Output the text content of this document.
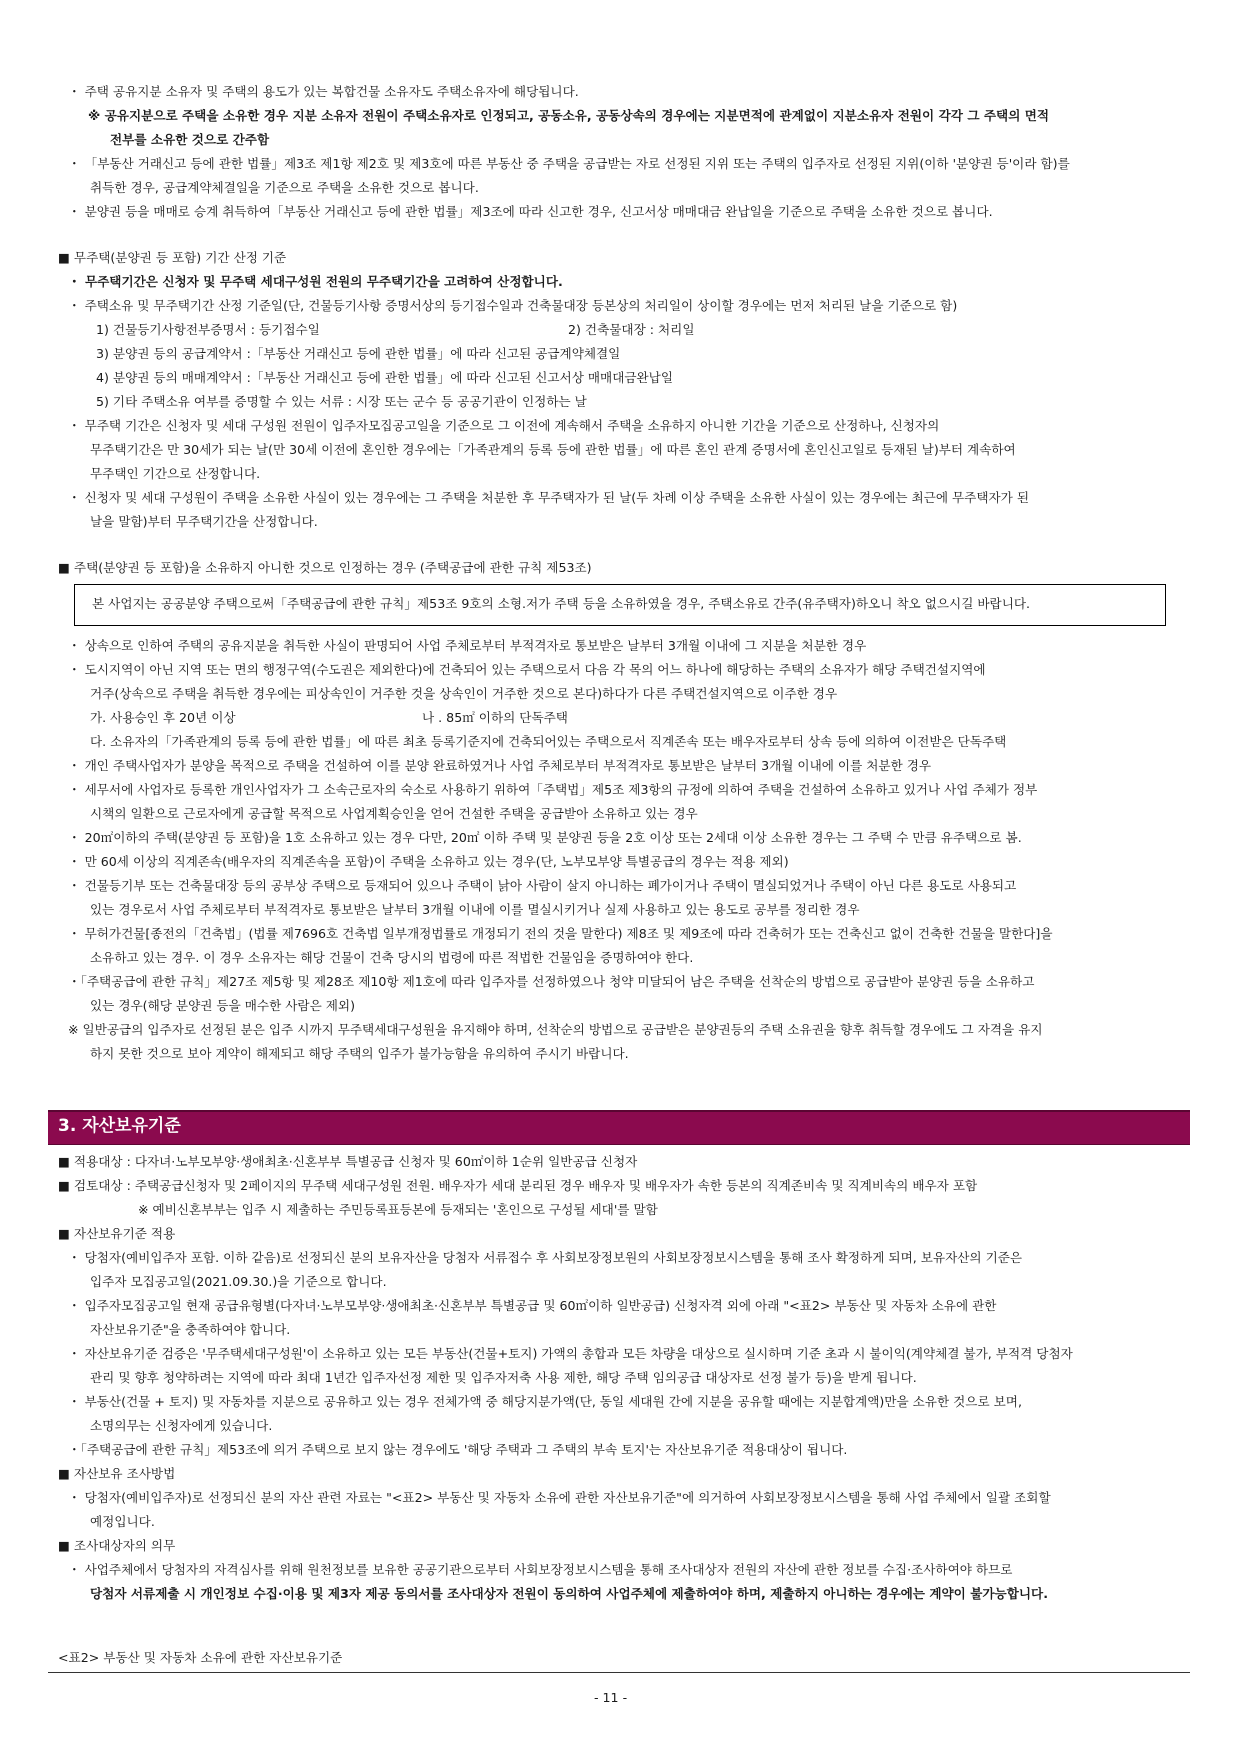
・ 주택 공유지분 소유자 및 주택의 용도가 있는 복합건물 소유자도 주택소유자에 해당됩니다.
※ 공유지분으로 주택을 소유한 경우 지분 소유자 전원이 주택소유자로 인정되고, 공동소유, 공동상속의 경우에는 지분면적에 관계없이 지분소유자 전원이 각각 그 주택의 면적
전부를 소유한 것으로 간주함
・ 「부동산 거래신고 등에 관한 법률」제3조 제1항 제2호 및 제3호에 따른 부동산 중 주택을 공급받는 자로 선정된 지위 또는 주택의 입주자로 선정된 지위(이하 '분양권 등'이라 함)를
취득한 경우, 공급계약체결일을 기준으로 주택을 소유한 것으로 봅니다.
・ 분양권 등을 매매로 승계 취득하여「부동산 거래신고 등에 관한 법률」제3조에 따라 신고한 경우, 신고서상 매매대금 완납일을 기준으로 주택을 소유한 것으로 봅니다.
■ 무주택(분양권 등 포함) 기간 산정 기준
・ 무주택기간은 신청자 및 무주택 세대구성원 전원의 무주택기간을 고려하여 산정합니다.
・ 주택소유 및 무주택기간 산정 기준일(단, 건물등기사항 증명서상의 등기접수일과 건축물대장 등본상의 처리일이 상이할 경우에는 먼저 처리된 날을 기준으로 함)
1) 건물등기사항전부증명서 : 등기접수일	2) 건축물대장 : 처리일
3) 분양권 등의 공급계약서 :「부동산 거래신고 등에 관한 법률」에 따라 신고된 공급계약체결일
4) 분양권 등의 매매계약서 :「부동산 거래신고 등에 관한 법률」에 따라 신고된 신고서상 매매대금완납일
5) 기타 주택소유 여부를 증명할 수 있는 서류 : 시장 또는 군수 등 공공기관이 인정하는 날
・ 무주택 기간은 신청자 및 세대 구성원 전원이 입주자모집공고일을 기준으로 그 이전에 계속해서 주택을 소유하지 아니한 기간을 기준으로 산정하나, 신청자의
무주택기간은 만 30세가 되는 날(만 30세 이전에 혼인한 경우에는「가족관계의 등록 등에 관한 법률」에 따른 혼인 관계 증명서에 혼인신고일로 등재된 날)부터 계속하여
무주택인 기간으로 산정합니다.
・ 신청자 및 세대 구성원이 주택을 소유한 사실이 있는 경우에는 그 주택을 처분한 후 무주택자가 된 날(두 차례 이상 주택을 소유한 사실이 있는 경우에는 최근에 무주택자가 된
날을 말함)부터 무주택기간을 산정합니다.
■ 주택(분양권 등 포함)을 소유하지 아니한 것으로 인정하는 경우 (주택공급에 관한 규칙 제53조)
본 사업지는 공공분양 주택으로써「주택공급에 관한 규칙」제53조 9호의 소형.저가 주택 등을 소유하였을 경우, 주택소유로 간주(유주택자)하오니 착오 없으시길 바랍니다.
・ 상속으로 인하여 주택의 공유지분을 취득한 사실이 판명되어 사업 주체로부터 부적격자로 통보받은 날부터 3개월 이내에 그 지분을 처분한 경우
・ 도시지역이 아닌 지역 또는 면의 행정구역(수도권은 제외한다)에 건축되어 있는 주택으로서 다음 각 목의 어느 하나에 해당하는 주택의 소유자가 해당 주택건설지역에
거주(상속으로 주택을 취득한 경우에는 피상속인이 거주한 것을 상속인이 거주한 것으로 본다)하다가 다른 주택건설지역으로 이주한 경우
가. 사용승인 후 20년 이상	나 . 85㎡ 이하의 단독주택
다. 소유자의「가족관계의 등록 등에 관한 법률」에 따른 최초 등록기준지에 건축되어있는 주택으로서 직계존속 또는 배우자로부터 상속 등에 의하여 이전받은 단독주택
・ 개인 주택사업자가 분양을 목적으로 주택을 건설하여 이를 분양 완료하였거나 사업 주체로부터 부적격자로 통보받은 날부터 3개월 이내에 이를 처분한 경우
・ 세무서에 사업자로 등록한 개인사업자가 그 소속근로자의 숙소로 사용하기 위하여「주택법」제5조 제3항의 규정에 의하여 주택을 건설하여 소유하고 있거나 사업 주체가 정부
시책의 일환으로 근로자에게 공급할 목적으로 사업계획승인을 얻어 건설한 주택을 공급받아 소유하고 있는 경우
・ 20㎡이하의 주택(분양권 등 포함)을 1호 소유하고 있는 경우 다만, 20㎡ 이하 주택 및 분양권 등을 2호 이상 또는 2세대 이상 소유한 경우는 그 주택 수 만큼 유주택으로 봄.
・ 만 60세 이상의 직계존속(배우자의 직계존속을 포함)이 주택을 소유하고 있는 경우(단, 노부모부양 특별공급의 경우는 적용 제외)
・ 건물등기부 또는 건축물대장 등의 공부상 주택으로 등재되어 있으나 주택이 낡아 사람이 살지 아니하는 폐가이거나 주택이 멸실되었거나 주택이 아닌 다른 용도로 사용되고
있는 경우로서 사업 주체로부터 부적격자로 통보받은 날부터 3개월 이내에 이를 멸실시키거나 실제 사용하고 있는 용도로 공부를 정리한 경우
・ 무허가건물[종전의「건축법」(법률 제7696호 건축법 일부개정법률로 개정되기 전의 것을 말한다) 제8조 및 제9조에 따라 건축허가 또는 건축신고 없이 건축한 건물을 말한다]을
소유하고 있는 경우. 이 경우 소유자는 해당 건물이 건축 당시의 법령에 따른 적법한 건물임을 증명하여야 한다.
・「주택공급에 관한 규칙」제27조 제5항 및 제28조 제10항 제1호에 따라 입주자를 선정하였으나 청약 미달되어 남은 주택을 선착순의 방법으로 공급받아 분양권 등을 소유하고
있는 경우(해당 분양권 등을 매수한 사람은 제외)
※ 일반공급의 입주자로 선정된 분은 입주 시까지 무주택세대구성원을 유지해야 하며, 선착순의 방법으로 공급받은 분양권등의 주택 소유권을 향후 취득할 경우에도 그 자격을 유지
하지 못한 것으로 보아 계약이 해제되고 해당 주택의 입주가 불가능함을 유의하여 주시기 바랍니다.
3. 자산보유기준
■ 적용대상 : 다자녀·노부모부양·생애최초·신혼부부 특별공급 신청자 및 60㎡이하 1순위 일반공급 신청자
■ 검토대상 : 주택공급신청자 및 2페이지의 무주택 세대구성원 전원. 배우자가 세대 분리된 경우 배우자 및 배우자가 속한 등본의 직계존비속 및 직계비속의 배우자 포함
※ 예비신혼부부는 입주 시 제출하는 주민등록표등본에 등재되는 '혼인으로 구성될 세대'를 말함
■ 자산보유기준 적용
・ 당첨자(예비입주자 포함. 이하 같음)로 선정되신 분의 보유자산을 당첨자 서류접수 후 사회보장정보원의 사회보장정보시스템을 통해 조사 확정하게 되며, 보유자산의 기준은
입주자 모집공고일(2021.09.30.)을 기준으로 합니다.
・ 입주자모집공고일 현재 공급유형별(다자녀·노부모부양·생애최초·신혼부부 특별공급 및 60㎡이하 일반공급) 신청자격 외에 아래 "<표2> 부동산 및 자동차 소유에 관한
자산보유기준"을 충족하여야 합니다.
・ 자산보유기준 검증은 '무주택세대구성원'이 소유하고 있는 모든 부동산(건물+토지) 가액의 총합과 모든 차량을 대상으로 실시하며 기준 초과 시 불이익(계약체결 불가, 부적격 당첨자
관리 및 향후 청약하려는 지역에 따라 최대 1년간 입주자선정 제한 및 입주자저축 사용 제한, 해당 주택 임의공급 대상자로 선정 불가 등)을 받게 됩니다.
・ 부동산(건물 + 토지) 및 자동차를 지분으로 공유하고 있는 경우 전체가액 중 해당지분가액(단, 동일 세대원 간에 지분을 공유할 때에는 지분합계액)만을 소유한 것으로 보며,
소명의무는 신청자에게 있습니다.
・「주택공급에 관한 규칙」제53조에 의거 주택으로 보지 않는 경우에도 '해당 주택과 그 주택의 부속 토지'는 자산보유기준 적용대상이 됩니다.
■ 자산보유 조사방법
・ 당첨자(예비입주자)로 선정되신 분의 자산 관련 자료는 "<표2> 부동산 및 자동차 소유에 관한 자산보유기준"에 의거하여 사회보장정보시스템을 통해 사업 주체에서 일괄 조회할
예정입니다.
■ 조사대상자의 의무
・ 사업주체에서 당첨자의 자격심사를 위해 원천정보를 보유한 공공기관으로부터 사회보장정보시스템을 통해 조사대상자 전원의 자산에 관한 정보를 수집·조사하여야 하므로
당첨자 서류제출 시 개인정보 수집·이용 및 제3자 제공 동의서를 조사대상자 전원이 동의하여 사업주체에 제출하여야 하며, 제출하지 아니하는 경우에는 계약이 불가능합니다.
<표2> 부동산 및 자동차 소유에 관한 자산보유기준
- 11 -
